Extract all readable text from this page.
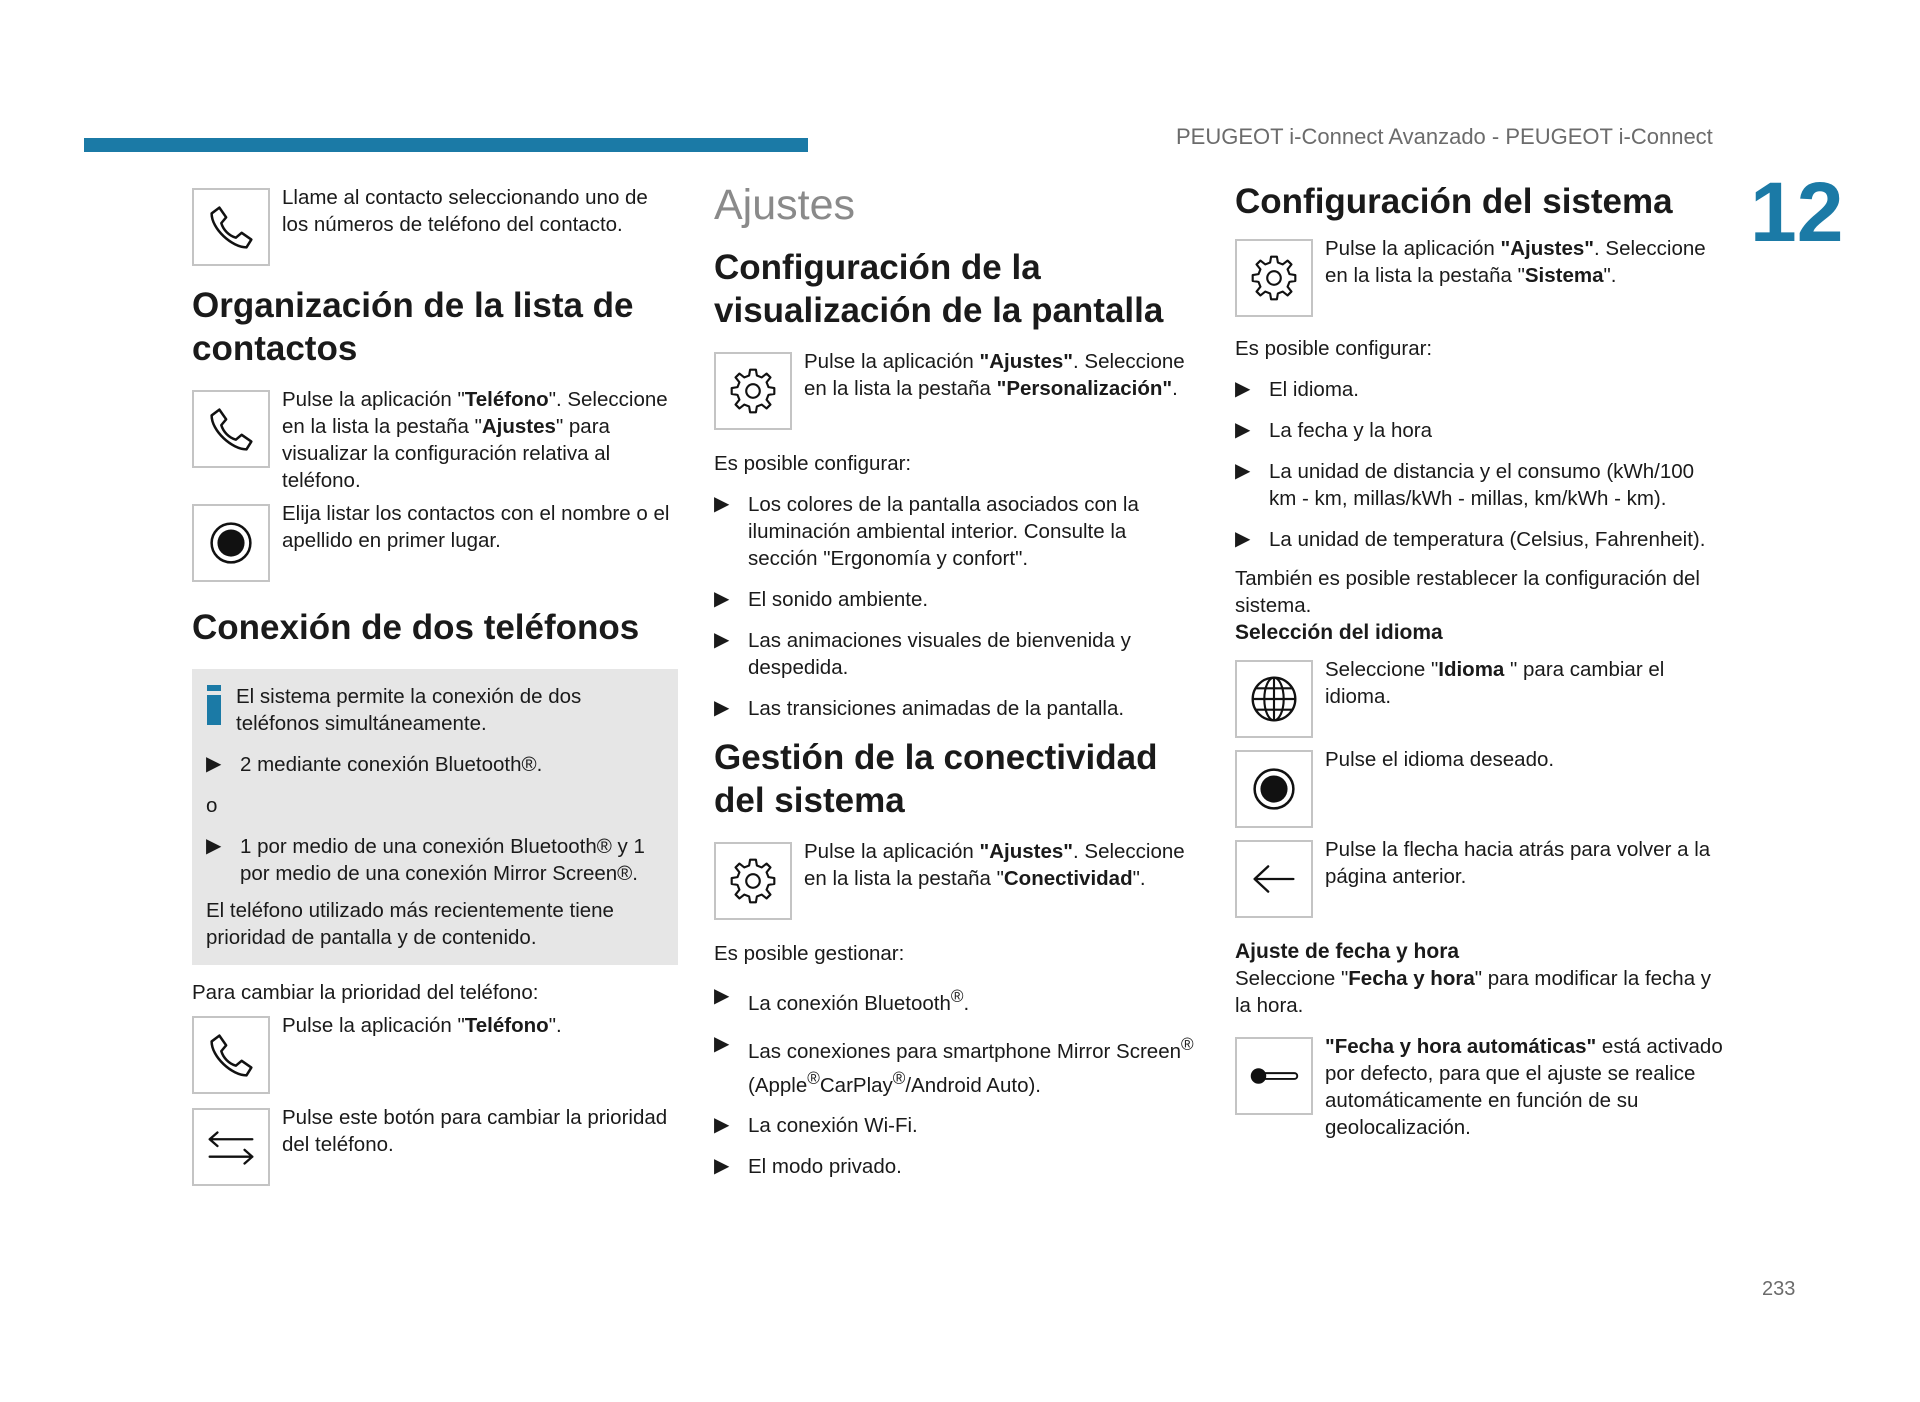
PEUGEOT i-Connect Avanzado - PEUGEOT i-Connect
12
233

Llame al contacto seleccionando uno de los números de teléfono del contacto.

Organización de la lista de contactos

Pulse la aplicación "Teléfono". Seleccione en la lista la pestaña "Ajustes" para visualizar la configuración relativa al teléfono.

Elija listar los contactos con el nombre o el apellido en primer lugar.

Conexión de dos teléfonos

El sistema permite la conexión de dos teléfonos simultáneamente.

▶ 2 mediante conexión Bluetooth®.

o

▶ 1 por medio de una conexión Bluetooth® y 1 por medio de una conexión Mirror Screen®.

El teléfono utilizado más recientemente tiene prioridad de pantalla y de contenido.

Para cambiar la prioridad del teléfono:

Pulse la aplicación "Teléfono".

Pulse este botón para cambiar la prioridad del teléfono.

Ajustes
Configuración de la visualización de la pantalla

Pulse la aplicación "Ajustes". Seleccione en la lista la pestaña "Personalización".

Es posible configurar:

▶ Los colores de la pantalla asociados con la iluminación ambiental interior. Consulte la sección "Ergonomía y confort".
▶ El sonido ambiente.
▶ Las animaciones visuales de bienvenida y despedida.
▶ Las transiciones animadas de la pantalla.
Gestión de la conectividad del sistema

Pulse la aplicación "Ajustes". Seleccione en la lista la pestaña "Conectividad".

Es posible gestionar:

▶ La conexión Bluetooth®.
▶ Las conexiones para smartphone Mirror Screen® (Apple®CarPlay®/Android Auto).
▶ La conexión Wi-Fi.
▶ El modo privado.
Configuración del sistema

Pulse la aplicación "Ajustes". Seleccione en la lista la pestaña "Sistema".

Es posible configurar:

▶ El idioma.
▶ La fecha y la hora
▶ La unidad de distancia y el consumo (kWh/100 km - km, millas/kWh - millas, km/kWh - km).
▶ La unidad de temperatura (Celsius, Fahrenheit).

También es posible restablecer la configuración del sistema.

Selección del idioma

Seleccione "Idioma " para cambiar el idioma.

Pulse el idioma deseado.

Pulse la flecha hacia atrás para volver a la página anterior.

Ajuste de fecha y hora

Seleccione "Fecha y hora" para modificar la fecha y la hora.

"Fecha y hora automáticas" está activado por defecto, para que el ajuste se realice automáticamente en función de su geolocalización.
